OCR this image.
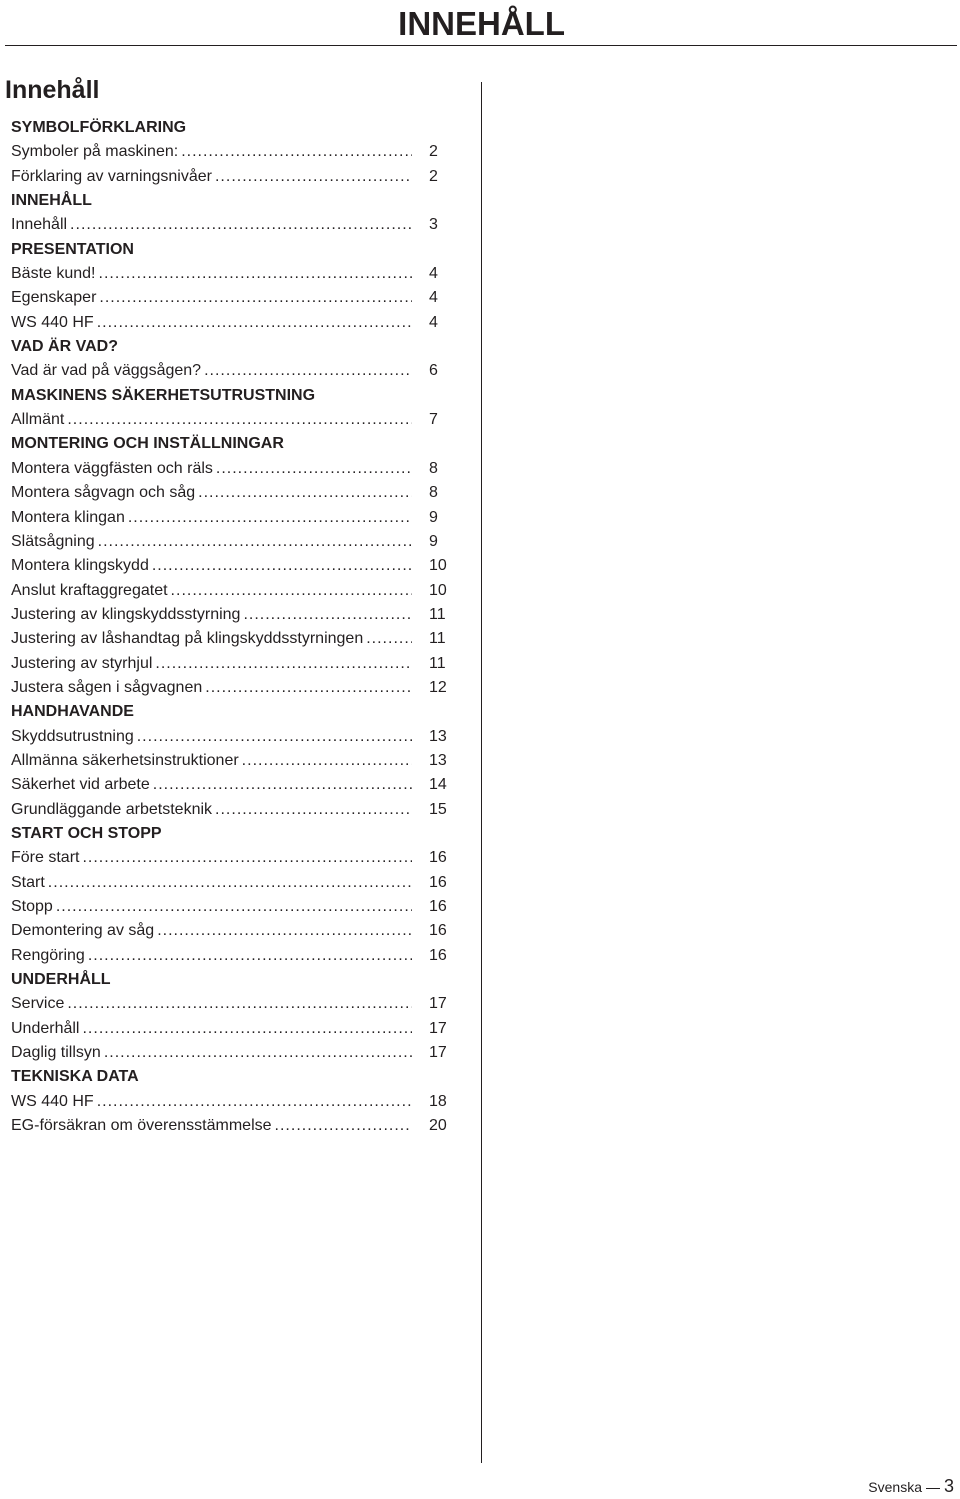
INNEHÅLL
Innehåll
SYMBOLFÖRKLARING
Symboler på maskinen: .....	2
Förklaring av varningsnivåer .....	2
INNEHÅLL
Innehåll .....	3
PRESENTATION
Bäste kund! .....	4
Egenskaper .....	4
WS 440 HF .....	4
VAD ÄR VAD?
Vad är vad på väggsågen? .....	6
MASKINENS SÄKERHETSUTRUSTNING
Allmänt .....	7
MONTERING OCH INSTÄLLNINGAR
Montera väggfästen och räls .....	8
Montera sågvagn och såg .....	8
Montera klingan .....	9
Slätsågning .....	9
Montera klingskydd .....	10
Anslut kraftaggregatet .....	10
Justering av klingskyddsstyrning .....	11
Justering av låshandtag på klingskyddsstyrningen .....	11
Justering av styrhjul .....	11
Justera sågen i sågvagnen .....	12
HANDHAVANDE
Skyddsutrustning .....	13
Allmänna säkerhetsinstruktioner .....	13
Säkerhet vid arbete .....	14
Grundläggande arbetsteknik .....	15
START OCH STOPP
Före start .....	16
Start .....	16
Stopp .....	16
Demontering av såg .....	16
Rengöring .....	16
UNDERHÅLL
Service .....	17
Underhåll .....	17
Daglig tillsyn .....	17
TEKNISKA DATA
WS 440 HF .....	18
EG-försäkran om överensstämmelse .....	20
Svenska 3
